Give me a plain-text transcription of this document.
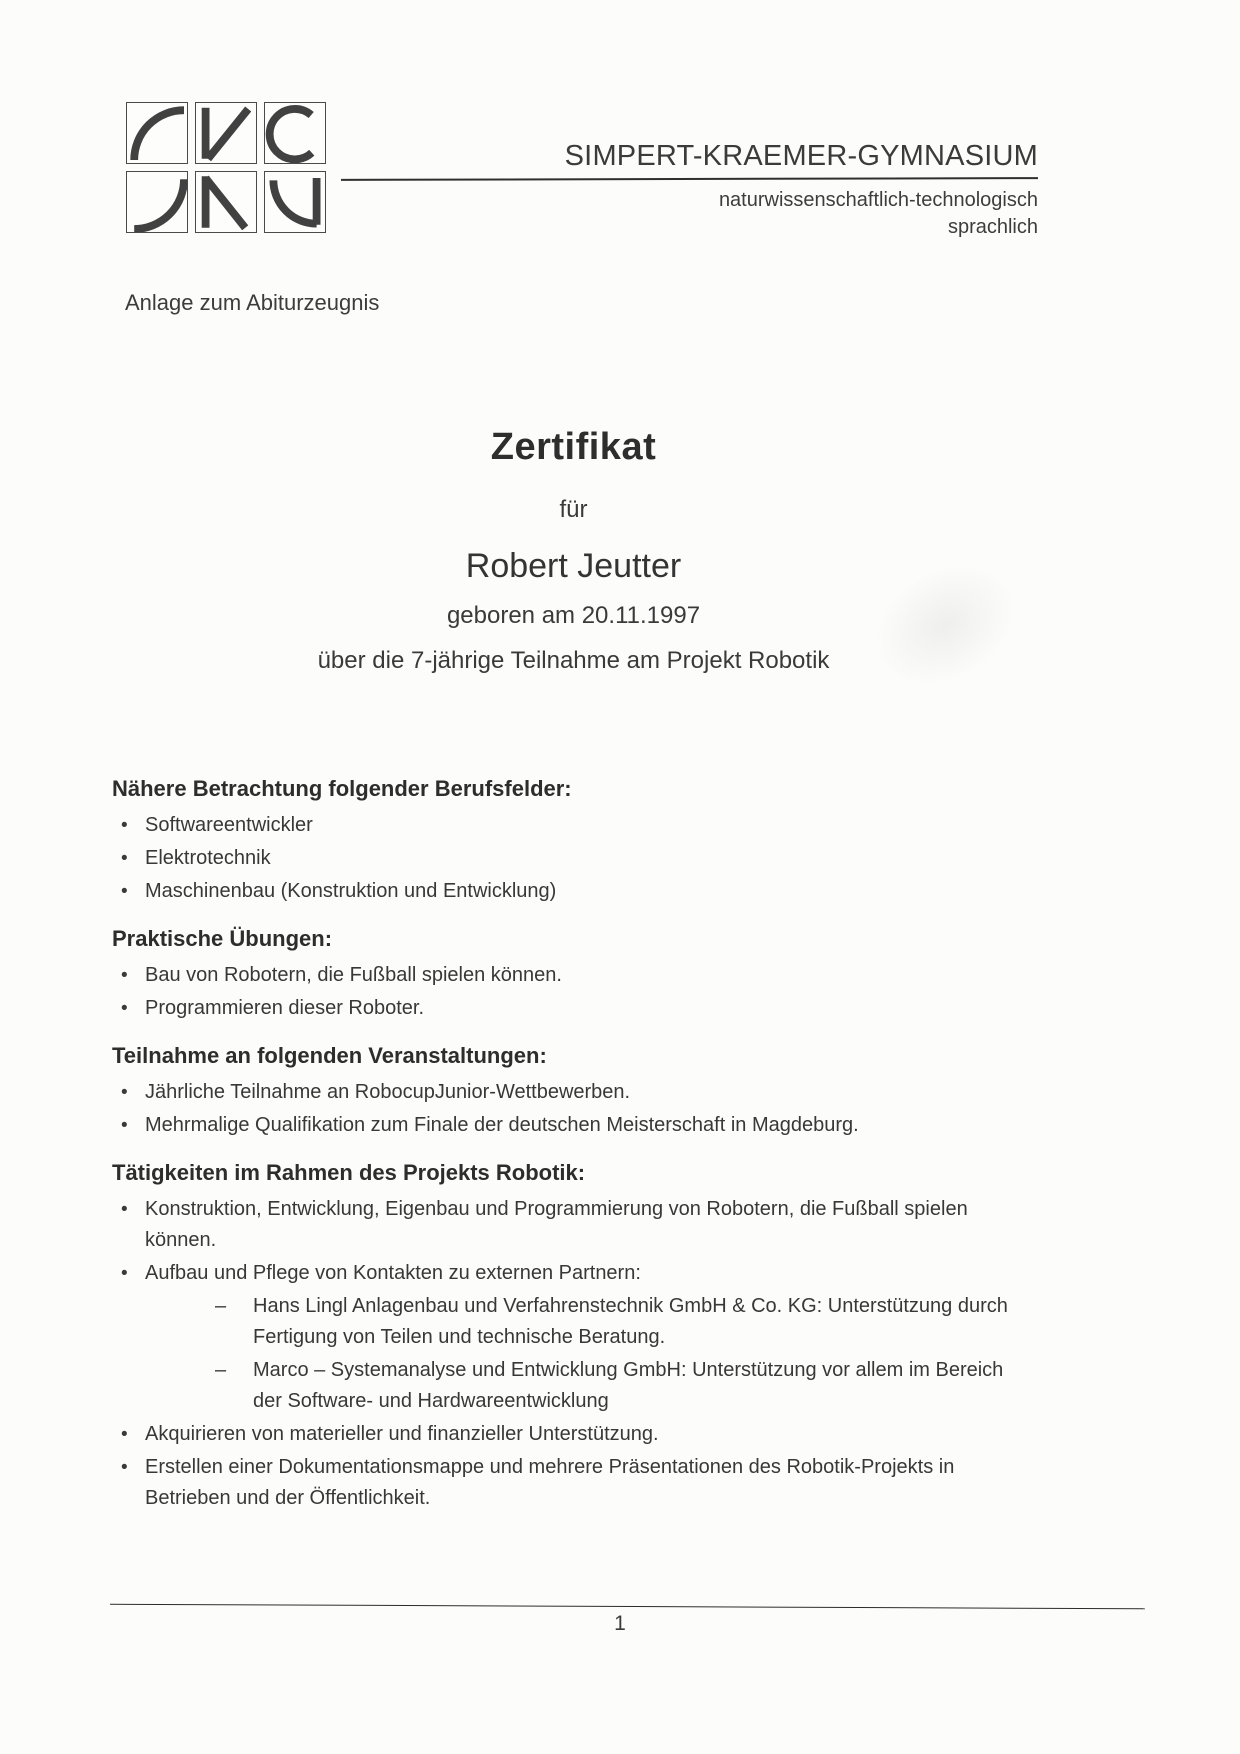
SIMPERT-KRAEMER-GYMNASIUM
naturwissenschaftlich-technologisch
sprachlich
Anlage zum Abiturzeugnis
Zertifikat
für
Robert Jeutter
geboren am 20.11.1997
über die 7-jährige Teilnahme am Projekt Robotik
Nähere Betrachtung folgender Berufsfelder:
• Softwareentwickler
• Elektrotechnik
• Maschinenbau (Konstruktion und Entwicklung)
Praktische Übungen:
• Bau von Robotern, die Fußball spielen können.
• Programmieren dieser Roboter.
Teilnahme an folgenden Veranstaltungen:
• Jährliche Teilnahme an RobocupJunior-Wettbewerben.
• Mehrmalige Qualifikation zum Finale der deutschen Meisterschaft in Magdeburg.
Tätigkeiten im Rahmen des Projekts Robotik:
• Konstruktion, Entwicklung, Eigenbau und Programmierung von Robotern, die Fußball spielen können.
• Aufbau und Pflege von Kontakten zu externen Partnern:
–	Hans Lingl Anlagenbau und Verfahrenstechnik GmbH & Co. KG: Unterstützung durch Fertigung von Teilen und technische Beratung.
–	Marco – Systemanalyse und Entwicklung GmbH: Unterstützung vor allem im Bereich der Software- und Hardwareentwicklung
• Akquirieren von materieller und finanzieller Unterstützung.
• Erstellen einer Dokumentationsmappe und mehrere Präsentationen des Robotik-Projekts in Betrieben und der Öffentlichkeit.
1
